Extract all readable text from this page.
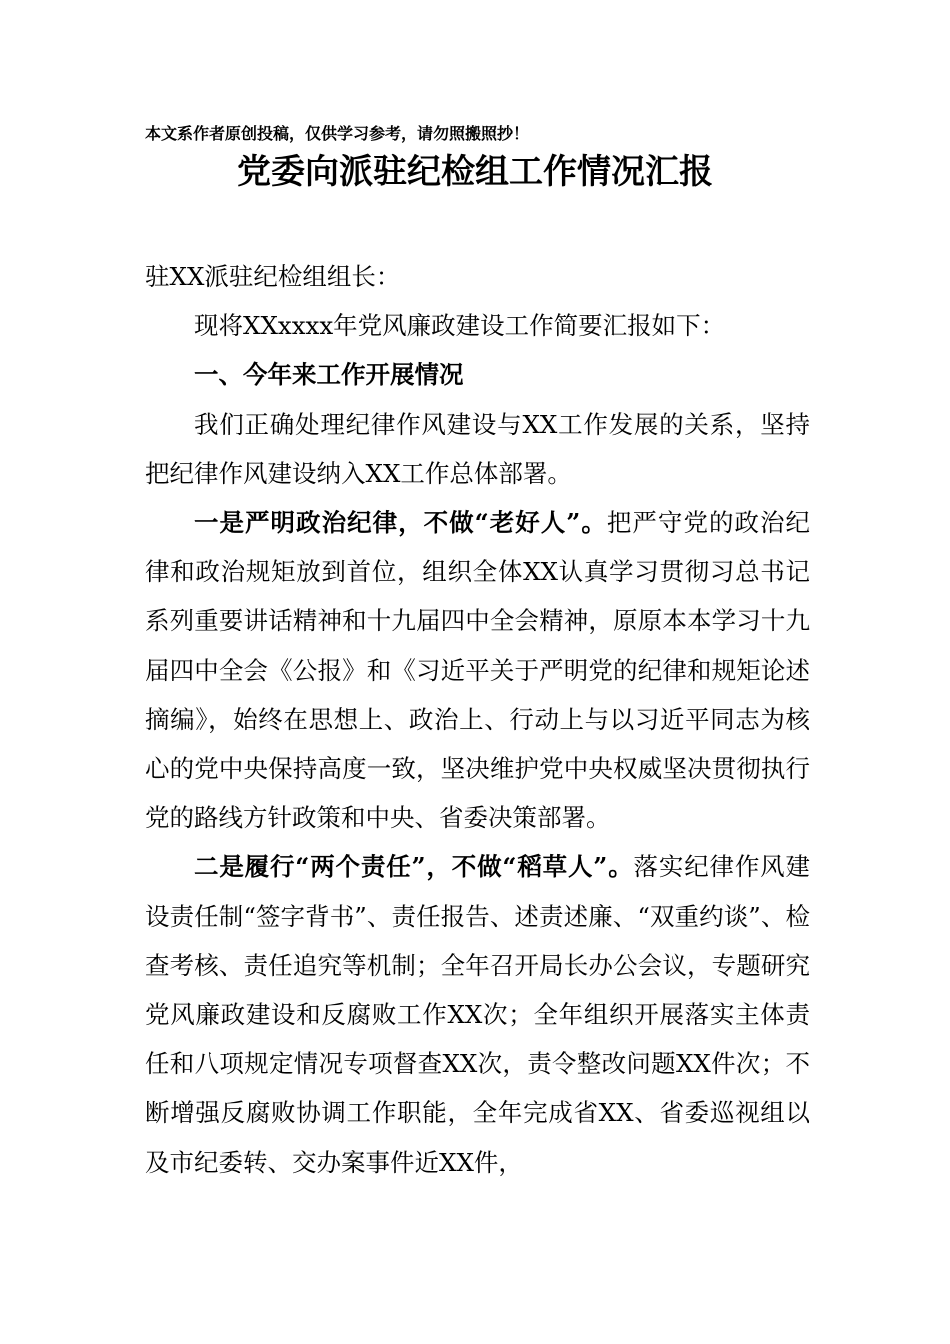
本文系作者原创投稿，仅供学习参考，请勿照搬照抄！
党委向派驻纪检组工作情况汇报

驻XX派驻纪检组组长：

现将XXxxxx年党风廉政建设工作简要汇报如下：

一、今年来工作开展情况

我们正确处理纪律作风建设与XX工作发展的关系，坚持把纪律作风建设纳入XX工作总体部署。

一是严明政治纪律，不做“老好人”。把严守党的政治纪律和政治规矩放到首位，组织全体XX认真学习贯彻习总书记系列重要讲话精神和十九届四中全会精神，原原本本学习十九届四中全会《公报》和《习近平关于严明党的纪律和规矩论述摘编》，始终在思想上、政治上、行动上与以习近平同志为核心的党中央保持高度一致，坚决维护党中央权威坚决贯彻执行党的路线方针政策和中央、省委决策部署。

二是履行“两个责任”，不做“稻草人”。落实纪律作风建设责任制“签字背书”、责任报告、述责述廉、“双重约谈”、检查考核、责任追究等机制；全年召开局长办公会议，专题研究党风廉政建设和反腐败工作XX次；全年组织开展落实主体责任和八项规定情况专项督查XX次，责令整改问题XX件次；不断增强反腐败协调工作职能，全年完成省XX、省委巡视组以及市纪委转、交办案事件近XX件，
